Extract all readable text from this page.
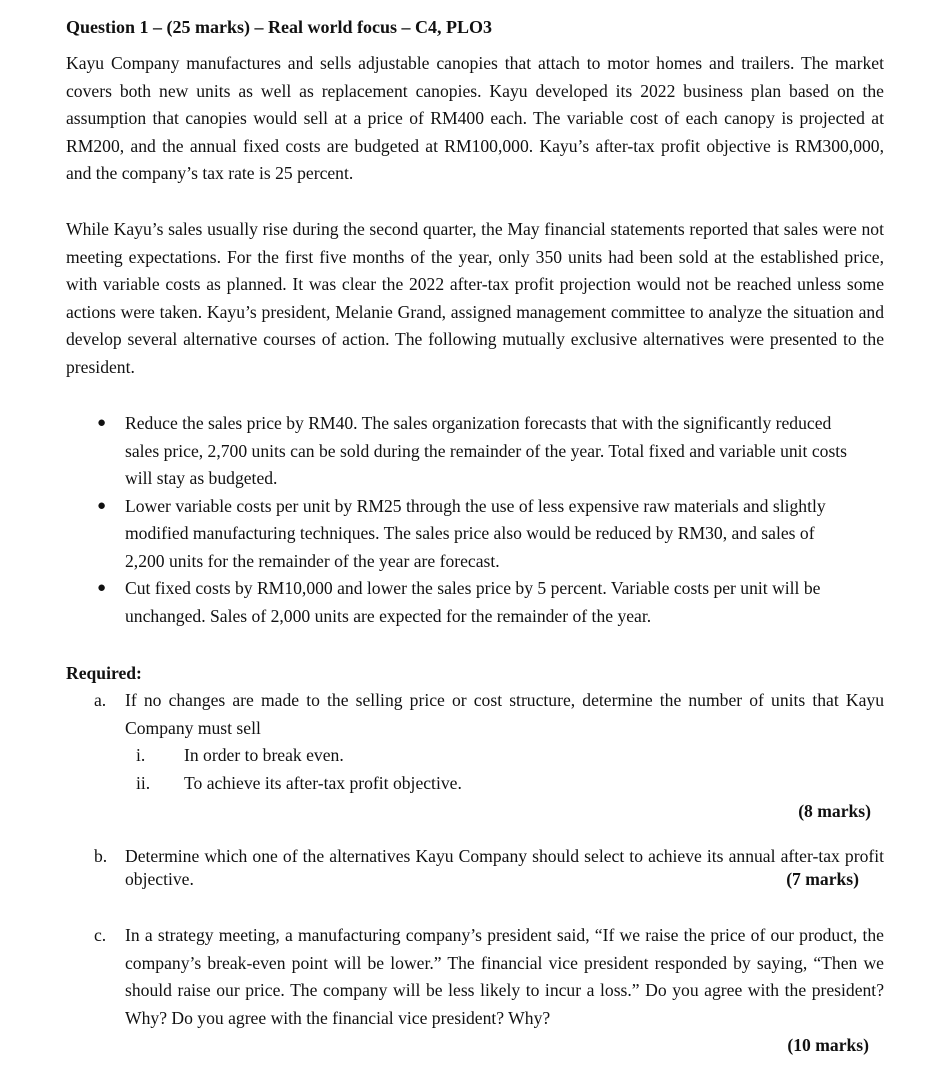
Question 1 – (25 marks) – Real world focus – C4, PLO3

Kayu Company manufactures and sells adjustable canopies that attach to motor homes and trailers. The market covers both new units as well as replacement canopies. Kayu developed its 2022 business plan based on the assumption that canopies would sell at a price of RM400 each. The variable cost of each canopy is projected at RM200, and the annual fixed costs are budgeted at RM100,000. Kayu’s after-tax profit objective is RM300,000, and the company’s tax rate is 25 percent.

While Kayu’s sales usually rise during the second quarter, the May financial statements reported that sales were not meeting expectations. For the first five months of the year, only 350 units had been sold at the established price, with variable costs as planned. It was clear the 2022 after-tax profit projection would not be reached unless some actions were taken. Kayu’s president, Melanie Grand, assigned management committee to analyze the situation and develop several alternative courses of action. The following mutually exclusive alternatives were presented to the president.

● Reduce the sales price by RM40. The sales organization forecasts that with the significantly reduced sales price, 2,700 units can be sold during the remainder of the year. Total fixed and variable unit costs will stay as budgeted.
● Lower variable costs per unit by RM25 through the use of less expensive raw materials and slightly modified manufacturing techniques. The sales price also would be reduced by RM30, and sales of 2,200 units for the remainder of the year are forecast.
● Cut fixed costs by RM10,000 and lower the sales price by 5 percent. Variable costs per unit will be unchanged. Sales of 2,000 units are expected for the remainder of the year.
Required:
a. If no changes are made to the selling price or cost structure, determine the number of units that Kayu Company must sell
i. In order to break even.
ii. To achieve its after-tax profit objective.
(8 marks)
b. Determine which one of the alternatives Kayu Company should select to achieve its annual after-tax profit objective.	(7 marks)
c. In a strategy meeting, a manufacturing company’s president said, “If we raise the price of our product, the company’s break-even point will be lower.” The financial vice president responded by saying, “Then we should raise our price. The company will be less likely to incur a loss.” Do you agree with the president? Why? Do you agree with the financial vice president? Why?
(10 marks)
